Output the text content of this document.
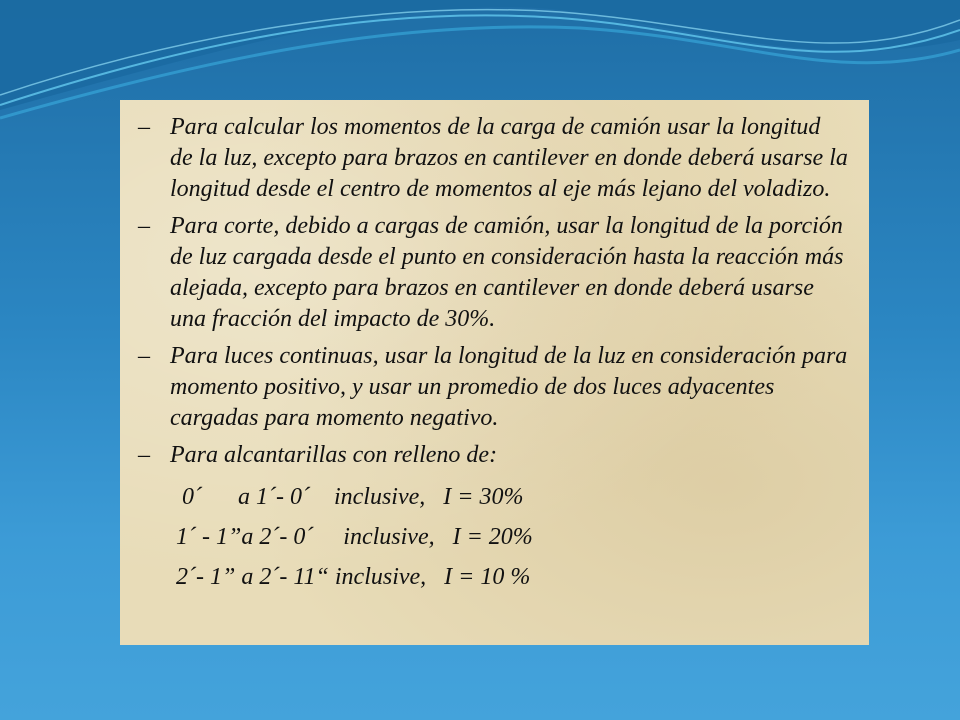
– Para calcular los momentos de la carga de camión usar la longitud de la luz, excepto para brazos en cantilever en donde deberá usarse la longitud desde el centro de momentos al eje más lejano del voladizo.
– Para corte, debido a cargas de camión, usar la longitud de la porción de luz cargada desde el punto en consideración hasta la reacción más alejada, excepto para brazos en cantilever en donde deberá usarse una fracción del impacto de 30%.
– Para luces continuas, usar la longitud de la luz en consideración para momento positivo, y usar un promedio de dos luces adyacentes cargadas para momento negativo.
– Para alcantarillas con relleno de:
0´      a 1´- 0´    inclusive,   I = 30%
1´ - 1”a 2´- 0´     inclusive,   I = 20%
2´- 1” a 2´- 11“ inclusive,   I = 10 %
